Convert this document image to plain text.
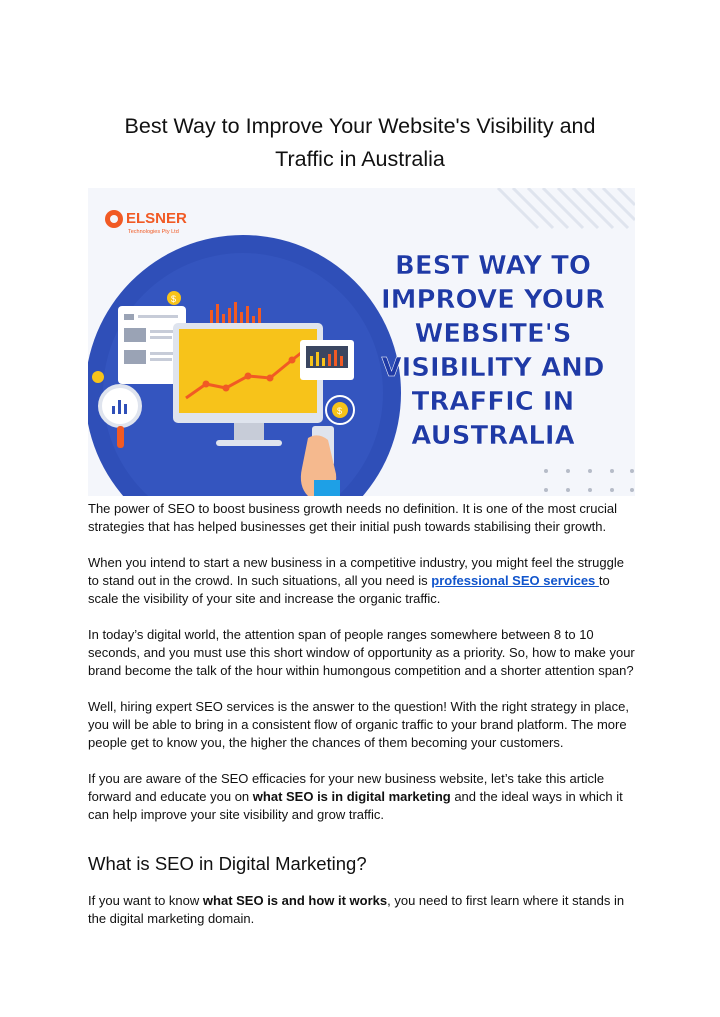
Best Way to Improve Your Website's Visibility and
Traffic in Australia
ELSNER
Technologies Pty Ltd
$
$
BEST WAY TO
IMPROVE YOUR
WEBSITE'S
VISIBILITY AND
TRAFFIC IN
AUSTRALIA

The power of SEO to boost business growth needs no definition. It is one of the most crucial strategies that has helped businesses get their initial push towards stabilising their growth.

When you intend to start a new business in a competitive industry, you might feel the struggle to stand out in the crowd. In such situations, all you need is professional SEO services to scale the visibility of your site and increase the organic traffic.

In today’s digital world, the attention span of people ranges somewhere between 8 to 10 seconds, and you must use this short window of opportunity as a priority. So, how to make your brand become the talk of the hour within humongous competition and a shorter attention span?

Well, hiring expert SEO services is the answer to the question! With the right strategy in place, you will be able to bring in a consistent flow of organic traffic to your brand platform. The more people get to know you, the higher the chances of them becoming your customers.

If you are aware of the SEO efficacies for your new business website, let’s take this article forward and educate you on what SEO is in digital marketing and the ideal ways in which it can help improve your site visibility and grow traffic.

What is SEO in Digital Marketing?

If you want to know what SEO is and how it works, you need to first learn where it stands in the digital marketing domain.
